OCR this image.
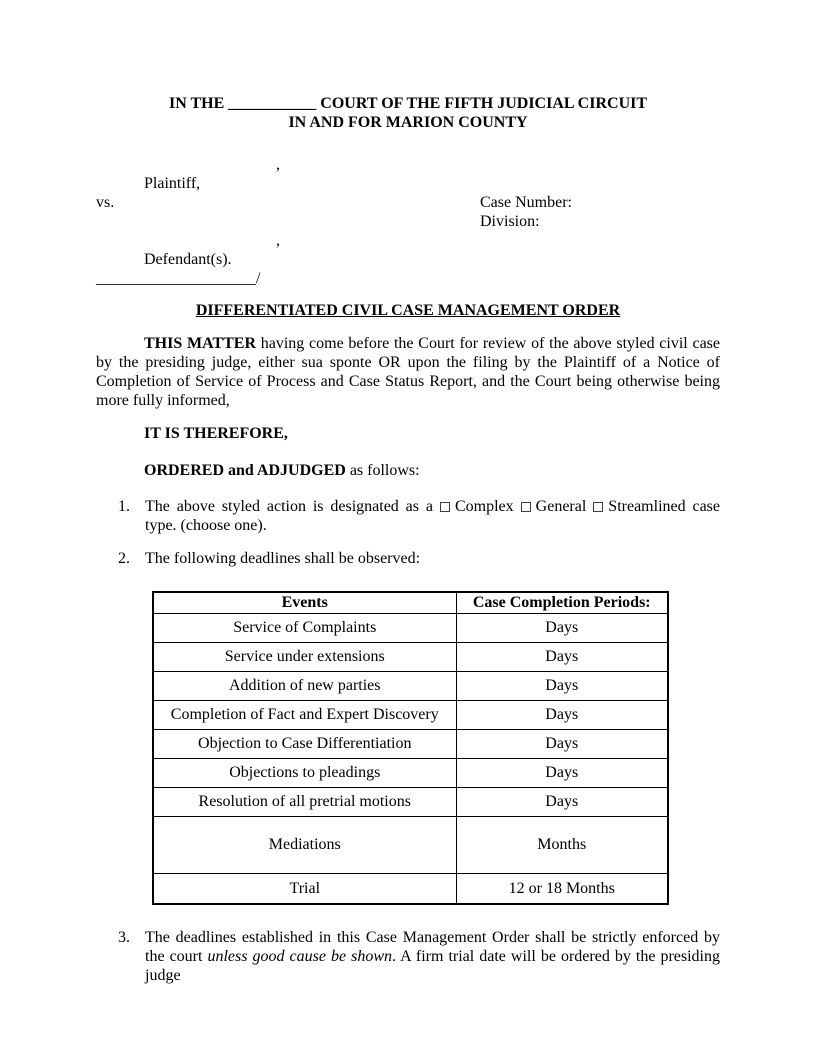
IN THE ___________ COURT OF THE FIFTH JUDICIAL CIRCUIT
IN AND FOR MARION COUNTY
,
Plaintiff,
vs.	Case Number:
Division:
,
Defendant(s).
____________________/
DIFFERENTIATED CIVIL CASE MANAGEMENT ORDER
THIS MATTER having come before the Court for review of the above styled civil case by the presiding judge, either sua sponte OR upon the filing by the Plaintiff of a Notice of Completion of Service of Process and Case Status Report, and the Court being otherwise being more fully informed,
IT IS THEREFORE,
ORDERED and ADJUDGED as follows:
1. The above styled action is designated as a Complex General Streamlined case type. (choose one).
2. The following deadlines shall be observed:
Events	Case Completion Periods:
Service of Complaints	Days
Service under extensions	Days
Addition of new parties	Days
Completion of Fact and Expert Discovery	Days
Objection to Case Differentiation	Days
Objections to pleadings	Days
Resolution of all pretrial motions	Days
Mediations	Months
Trial	12 or 18 Months
3. The deadlines established in this Case Management Order shall be strictly enforced by the court unless good cause be shown. A firm trial date will be ordered by the presiding judge
